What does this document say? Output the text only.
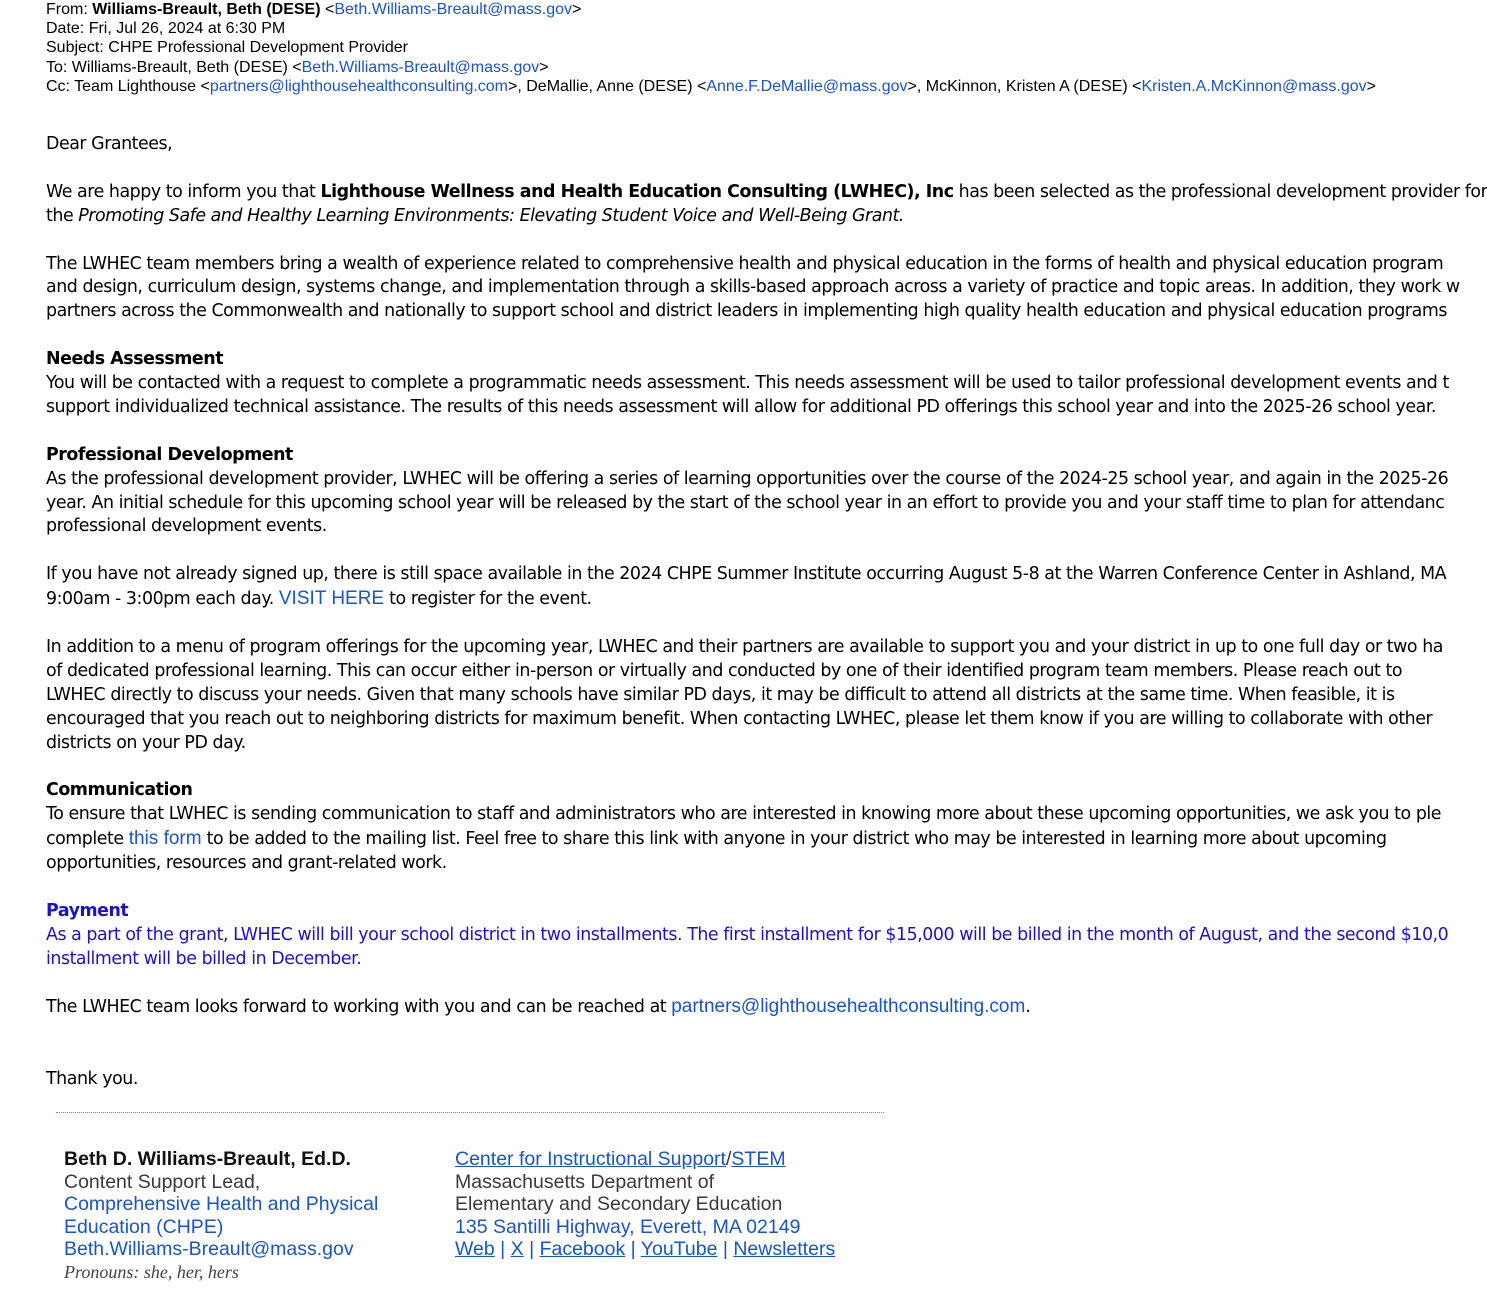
From: Williams-Breault, Beth (DESE) <Beth.Williams-Breault@mass.gov>
Date: Fri, Jul 26, 2024 at 6:30 PM
Subject: CHPE Professional Development Provider
To: Williams-Breault, Beth (DESE) <Beth.Williams-Breault@mass.gov>
Cc: Team Lighthouse <partners@lighthousehealthconsulting.com>, DeMallie, Anne (DESE) <Anne.F.DeMallie@mass.gov>, McKinnon, Kristen A (DESE) <Kristen.A.McKinnon@mass.gov>

Dear Grantees,

We are happy to inform you that Lighthouse Wellness and Health Education Consulting (LWHEC), Inc has been selected as the professional development provider for
the Promoting Safe and Healthy Learning Environments: Elevating Student Voice and Well-Being Grant.

The LWHEC team members bring a wealth of experience related to comprehensive health and physical education in the forms of health and physical education program
and design, curriculum design, systems change, and implementation through a skills-based approach across a variety of practice and topic areas. In addition, they work w
partners across the Commonwealth and nationally to support school and district leaders in implementing high quality health education and physical education programs

Needs Assessment
You will be contacted with a request to complete a programmatic needs assessment. This needs assessment will be used to tailor professional development events and t
support individualized technical assistance. The results of this needs assessment will allow for additional PD offerings this school year and into the 2025-26 school year.

Professional Development
As the professional development provider, LWHEC will be offering a series of learning opportunities over the course of the 2024-25 school year, and again in the 2025-26
year. An initial schedule for this upcoming school year will be released by the start of the school year in an effort to provide you and your staff time to plan for attendanc
professional development events.

If you have not already signed up, there is still space available in the 2024 CHPE Summer Institute occurring August 5-8 at the Warren Conference Center in Ashland, MA
9:00am - 3:00pm each day. VISIT HERE to register for the event.

In addition to a menu of program offerings for the upcoming year, LWHEC and their partners are available to support you and your district in up to one full day or two ha
of dedicated professional learning. This can occur either in-person or virtually and conducted by one of their identified program team members. Please reach out to
LWHEC directly to discuss your needs. Given that many schools have similar PD days, it may be difficult to attend all districts at the same time. When feasible, it is
encouraged that you reach out to neighboring districts for maximum benefit. When contacting LWHEC, please let them know if you are willing to collaborate with other
districts on your PD day.

Communication
To ensure that LWHEC is sending communication to staff and administrators who are interested in knowing more about these upcoming opportunities, we ask you to ple
complete this form to be added to the mailing list. Feel free to share this link with anyone in your district who may be interested in learning more about upcoming
opportunities, resources and grant-related work.

Payment
As a part of the grant, LWHEC will bill your school district in two installments. The first installment for $15,000 will be billed in the month of August, and the second $10,0
installment will be billed in December.

The LWHEC team looks forward to working with you and can be reached at partners@lighthousehealthconsulting.com.

Thank you.

Beth D. Williams-Breault, Ed.D.
Content Support Lead,
Comprehensive Health and Physical
Education (CHPE)
Beth.Williams-Breault@mass.gov
Pronouns: she, her, hers
Center for Instructional Support/STEM
Massachusetts Department of
Elementary and Secondary Education
135 Santilli Highway, Everett, MA 02149
Web | X | Facebook | YouTube | Newsletters
